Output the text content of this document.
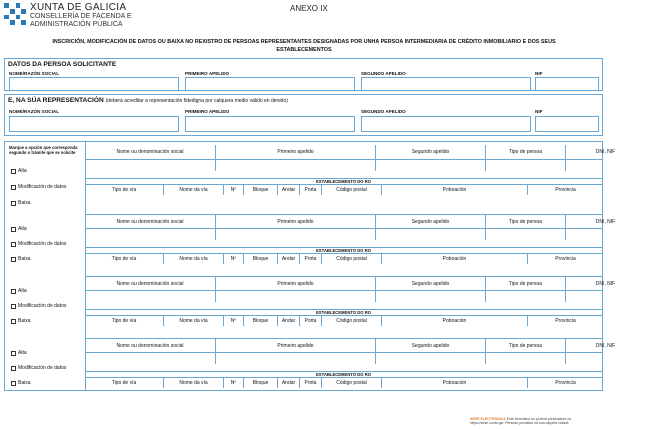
XUNTA DE GALICIA
CONSELLERÍA DE FACENDA E
ADMINISTRACIÓN PÚBLICA
ANEXO IX
INSCRICIÓN, MODIFICACIÓN DE DATOS OU BAIXA NO REXISTRO DE PERSOAS REPRESENTANTES DESIGNADAS POR UNHA PERSOA INTERMEDIARIA DE CRÉDITO INMOBILIARIO E DOS SEUS ESTABLECEMENTOS
DATOS DA PERSOA SOLICITANTE
NOME/RAZÓN SOCIAL	PRIMEIRO APELIDO	SEGUNDO APELIDO	NIF
E, NA SÚA REPRESENTACIÓN (deberá acreditar a representación fidedigna por calquera medio válido en dereito)
NOME/RAZÓN SOCIAL	PRIMEIRO APELIDO	SEGUNDO APELIDO	NIF
Marque a opción que corresponda segundo o trámite que se solicite	Nome ou denominación social	Primeiro apelido	Segundo apelido	Tipo de persoa	DNI, NIF
ESTABLECEMENTO DO RO
Tipo de vía	Nome da vía	Nº	Bloque	Andar	Porta	Código postal	Poboación	Provincia
Alta
Modificación de datos
Baixa
Nome ou denominación social	Primeiro apelido	Segundo apelido	Tipo de persoa	DNI, NIF
ESTABLECEMENTO DO RO
Tipo de vía	Nome da vía	Nº	Bloque	Andar	Porta	Código postal	Poboación	Provincia
Alta
Modificación de datos
Baixa
Nome ou denominación social	Primeiro apelido	Segundo apelido	Tipo de persoa	DNI, NIF
ESTABLECEMENTO DO RO
Tipo de vía	Nome da vía	Nº	Bloque	Andar	Porta	Código postal	Poboación	Provincia
Alta
Modificación de datos
Baixa
Nome ou denominación social	Primeiro apelido	Segundo apelido	Tipo de persoa	DNI, NIF
ESTABLECEMENTO DO RO
Tipo de vía	Nome da vía	Nº	Bloque	Andar	Porta	Código postal	Poboación	Provincia
Alta
Modificación de datos
Baixa
SEDE ELECTRÓNICA Este formulario só poderá presentarse na
https://sede.xunta.gal. Persoas provistas na súa carpeta cidadá
